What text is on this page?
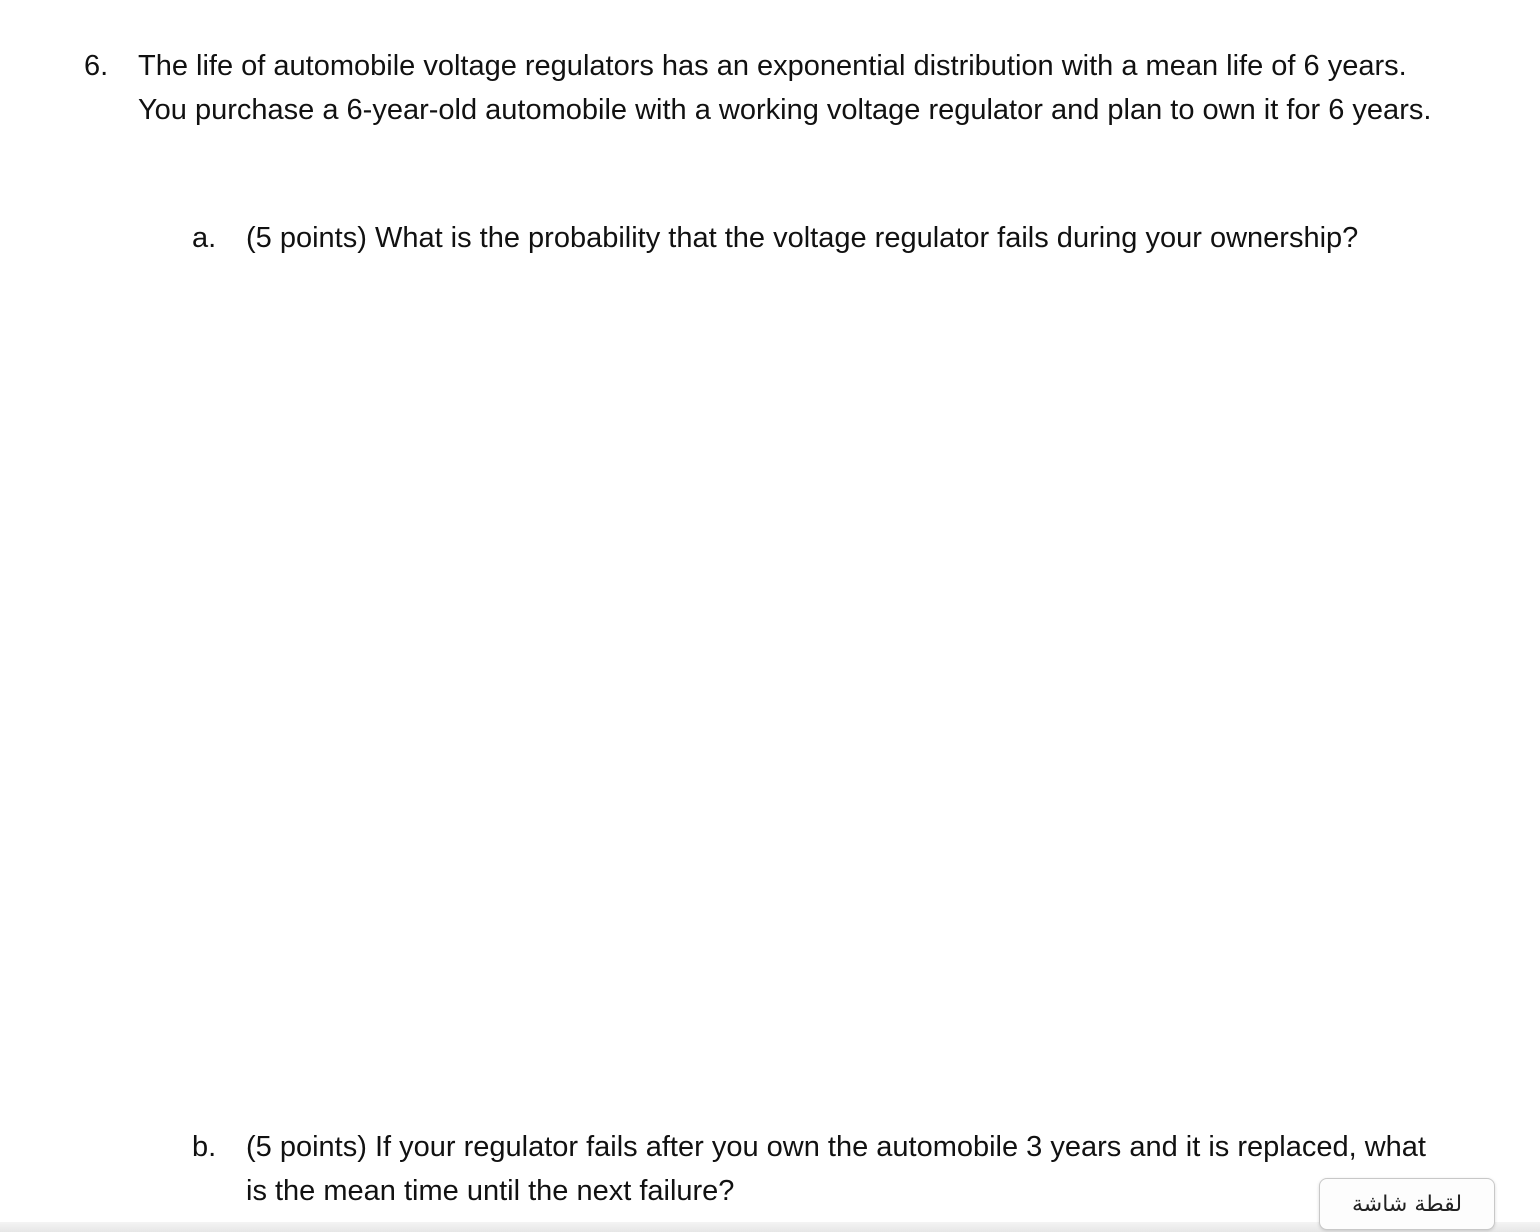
6. The life of automobile voltage regulators has an exponential distribution with a mean life of 6 years. You purchase a 6-year-old automobile with a working voltage regulator and plan to own it for 6 years.
a. (5 points) What is the probability that the voltage regulator fails during your ownership?
b. (5 points) If your regulator fails after you own the automobile 3 years and it is replaced, what is the mean time until the next failure?	لقطة شاشة
